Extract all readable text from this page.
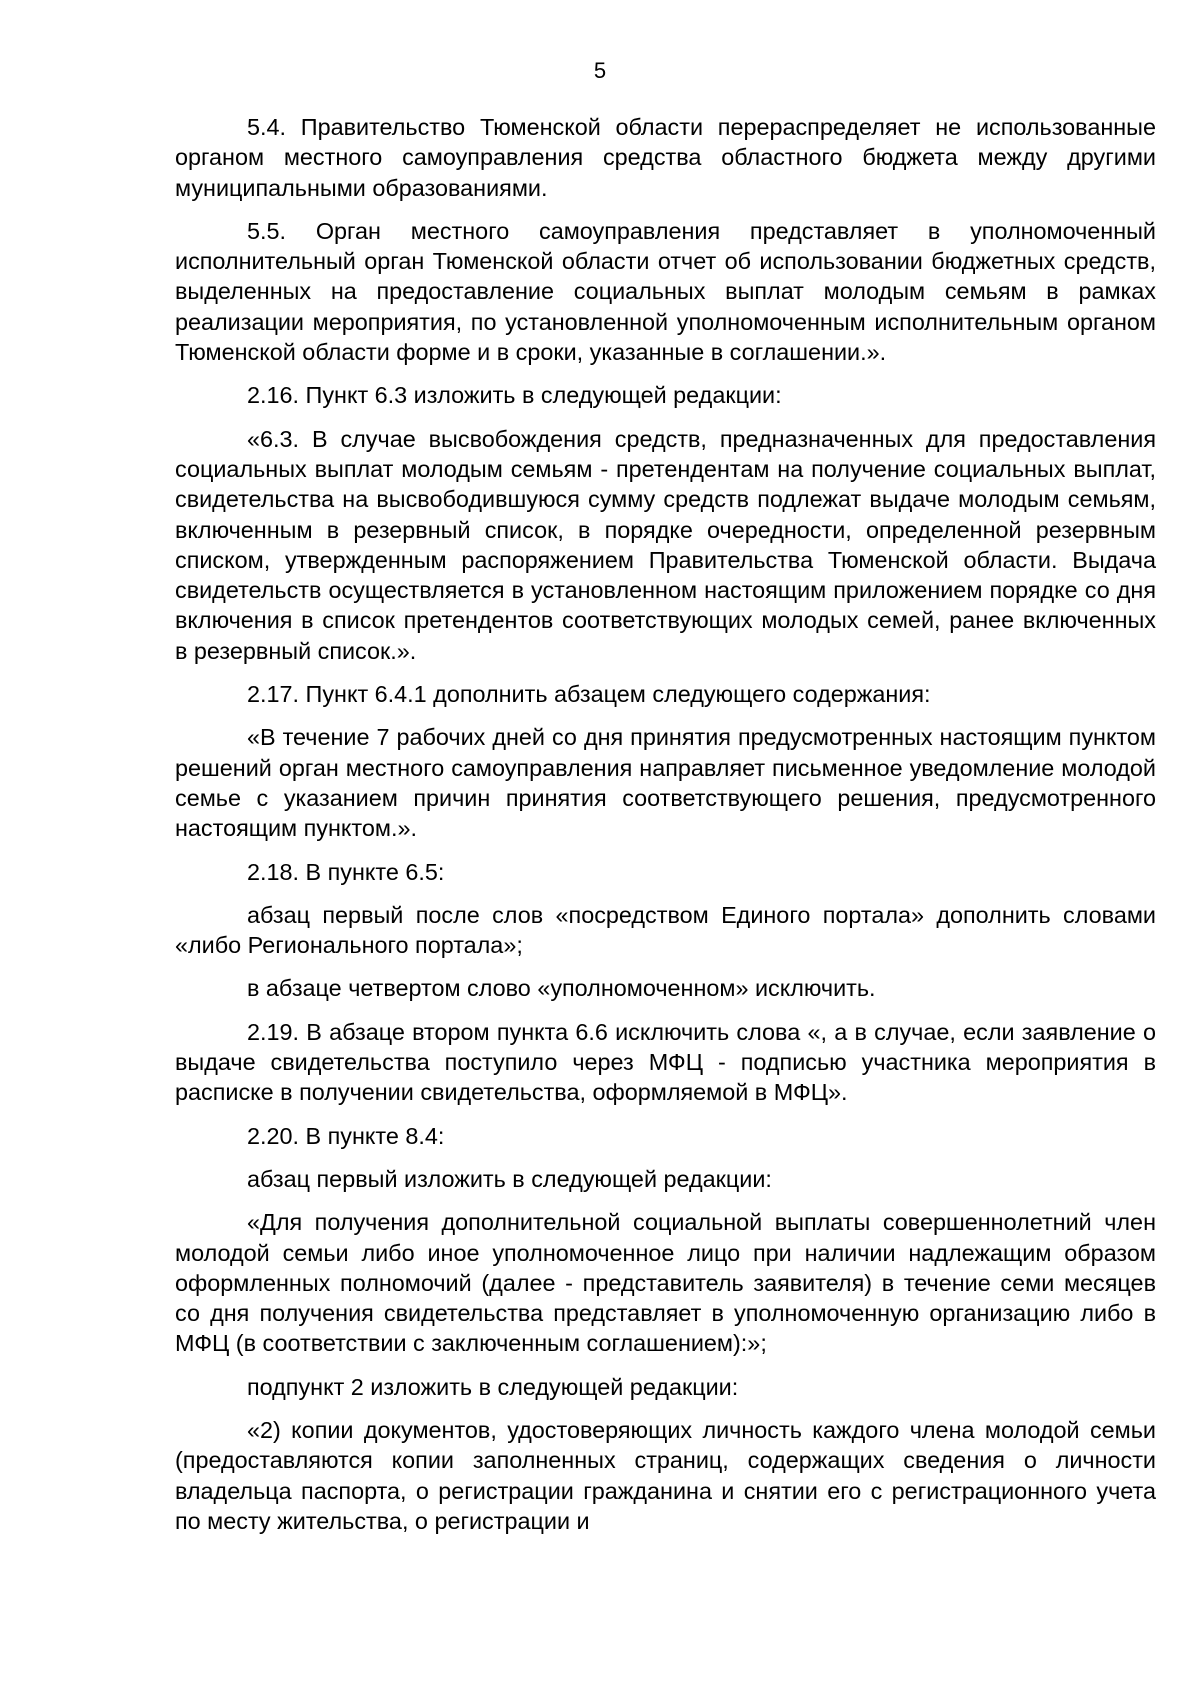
5

5.4. Правительство Тюменской области перераспределяет не использованные органом местного самоуправления средства областного бюджета между другими муниципальными образованиями.

5.5. Орган местного самоуправления представляет в уполномоченный исполнительный орган Тюменской области отчет об использовании бюджетных средств, выделенных на предоставление социальных выплат молодым семьям в рамках реализации мероприятия, по установленной уполномоченным исполнительным органом Тюменской области форме и в сроки, указанные в соглашении.».

2.16. Пункт 6.3 изложить в следующей редакции:

«6.3. В случае высвобождения средств, предназначенных для предоставления социальных выплат молодым семьям - претендентам на получение социальных выплат, свидетельства на высвободившуюся сумму средств подлежат выдаче молодым семьям, включенным в резервный список, в порядке очередности, определенной резервным списком, утвержденным распоряжением Правительства Тюменской области. Выдача свидетельств осуществляется в установленном настоящим приложением порядке со дня включения в список претендентов соответствующих молодых семей, ранее включенных в резервный список.».

2.17. Пункт 6.4.1 дополнить абзацем следующего содержания:

«В течение 7 рабочих дней со дня принятия предусмотренных настоящим пунктом решений орган местного самоуправления направляет письменное уведомление молодой семье с указанием причин принятия соответствующего решения, предусмотренного настоящим пунктом.».

2.18. В пункте 6.5:

абзац первый после слов «посредством Единого портала» дополнить словами «либо Регионального портала»;

в абзаце четвертом слово «уполномоченном» исключить.

2.19. В абзаце втором пункта 6.6 исключить слова «, а в случае, если заявление о выдаче свидетельства поступило через МФЦ - подписью участника мероприятия в расписке в получении свидетельства, оформляемой в МФЦ».

2.20. В пункте 8.4:

абзац первый изложить в следующей редакции:

«Для получения дополнительной социальной выплаты совершеннолетний член молодой семьи либо иное уполномоченное лицо при наличии надлежащим образом оформленных полномочий (далее - представитель заявителя) в течение семи месяцев со дня получения свидетельства представляет в уполномоченную организацию либо в МФЦ (в соответствии с заключенным соглашением):»;

подпункт 2 изложить в следующей редакции:

«2) копии документов, удостоверяющих личность каждого члена молодой семьи (предоставляются копии заполненных страниц, содержащих сведения о личности владельца паспорта, о регистрации гражданина и снятии его с регистрационного учета по месту жительства, о регистрации и
